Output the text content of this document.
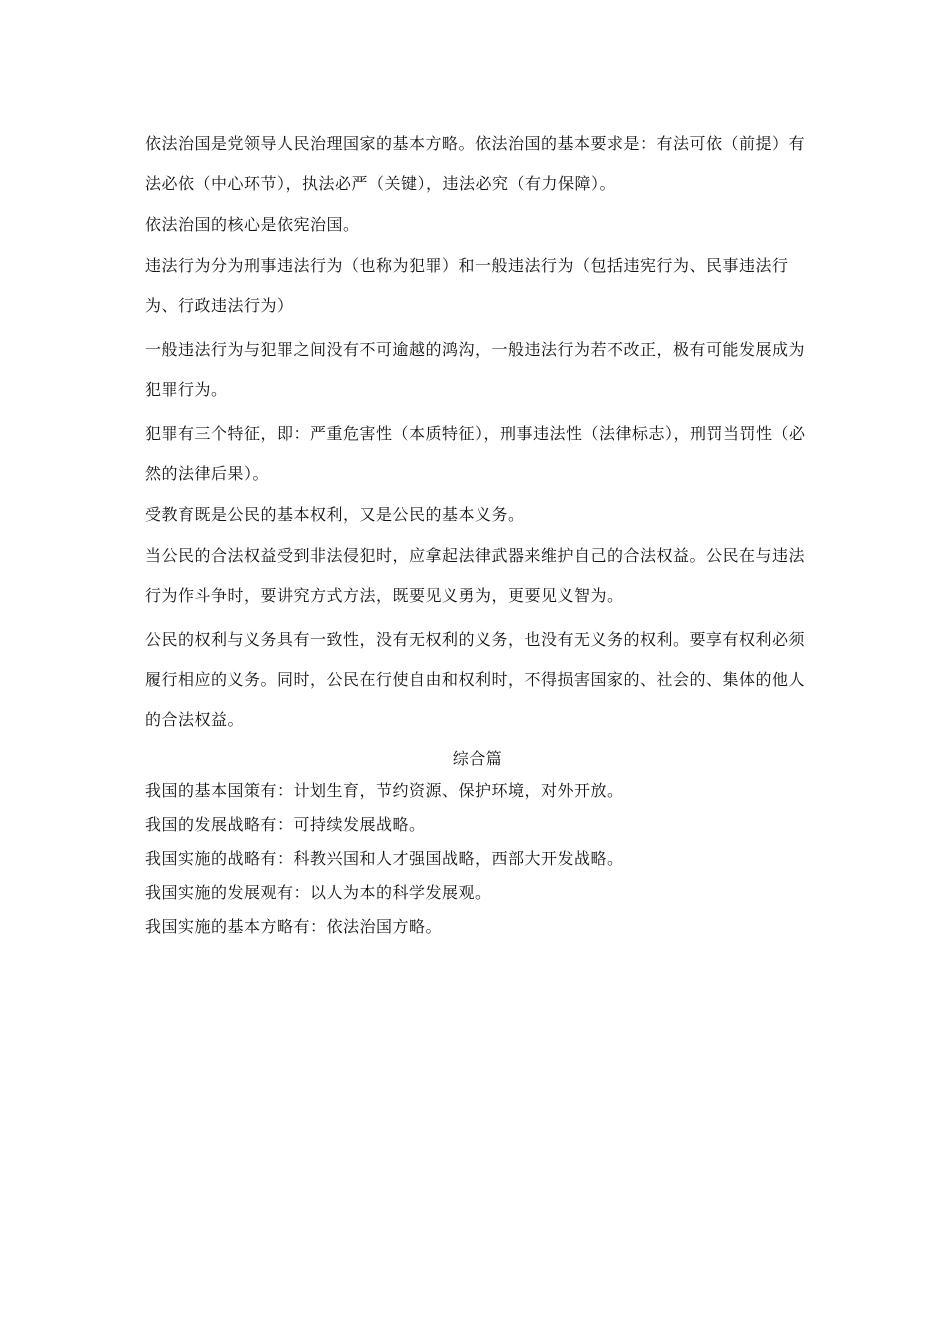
依法治国是党领导人民治理国家的基本方略。依法治国的基本要求是：有法可依（前提）有法必依（中心环节），执法必严（关键），违法必究（有力保障）。

依法治国的核心是依宪治国。

违法行为分为刑事违法行为（也称为犯罪）和一般违法行为（包括违宪行为、民事违法行为、行政违法行为）

一般违法行为与犯罪之间没有不可逾越的鸿沟，一般违法行为若不改正，极有可能发展成为犯罪行为。

犯罪有三个特征，即：严重危害性（本质特征），刑事违法性（法律标志），刑罚当罚性（必然的法律后果）。

受教育既是公民的基本权利，又是公民的基本义务。

当公民的合法权益受到非法侵犯时，应拿起法律武器来维护自己的合法权益。公民在与违法行为作斗争时，要讲究方式方法，既要见义勇为，更要见义智为。

公民的权利与义务具有一致性，没有无权利的义务，也没有无义务的权利。要享有权利必须履行相应的义务。同时，公民在行使自由和权利时，不得损害国家的、社会的、集体的他人的合法权益。

综合篇

我国的基本国策有：计划生育，节约资源、保护环境，对外开放。

我国的发展战略有：可持续发展战略。

我国实施的战略有：科教兴国和人才强国战略，西部大开发战略。

我国实施的发展观有：以人为本的科学发展观。

我国实施的基本方略有：依法治国方略。
